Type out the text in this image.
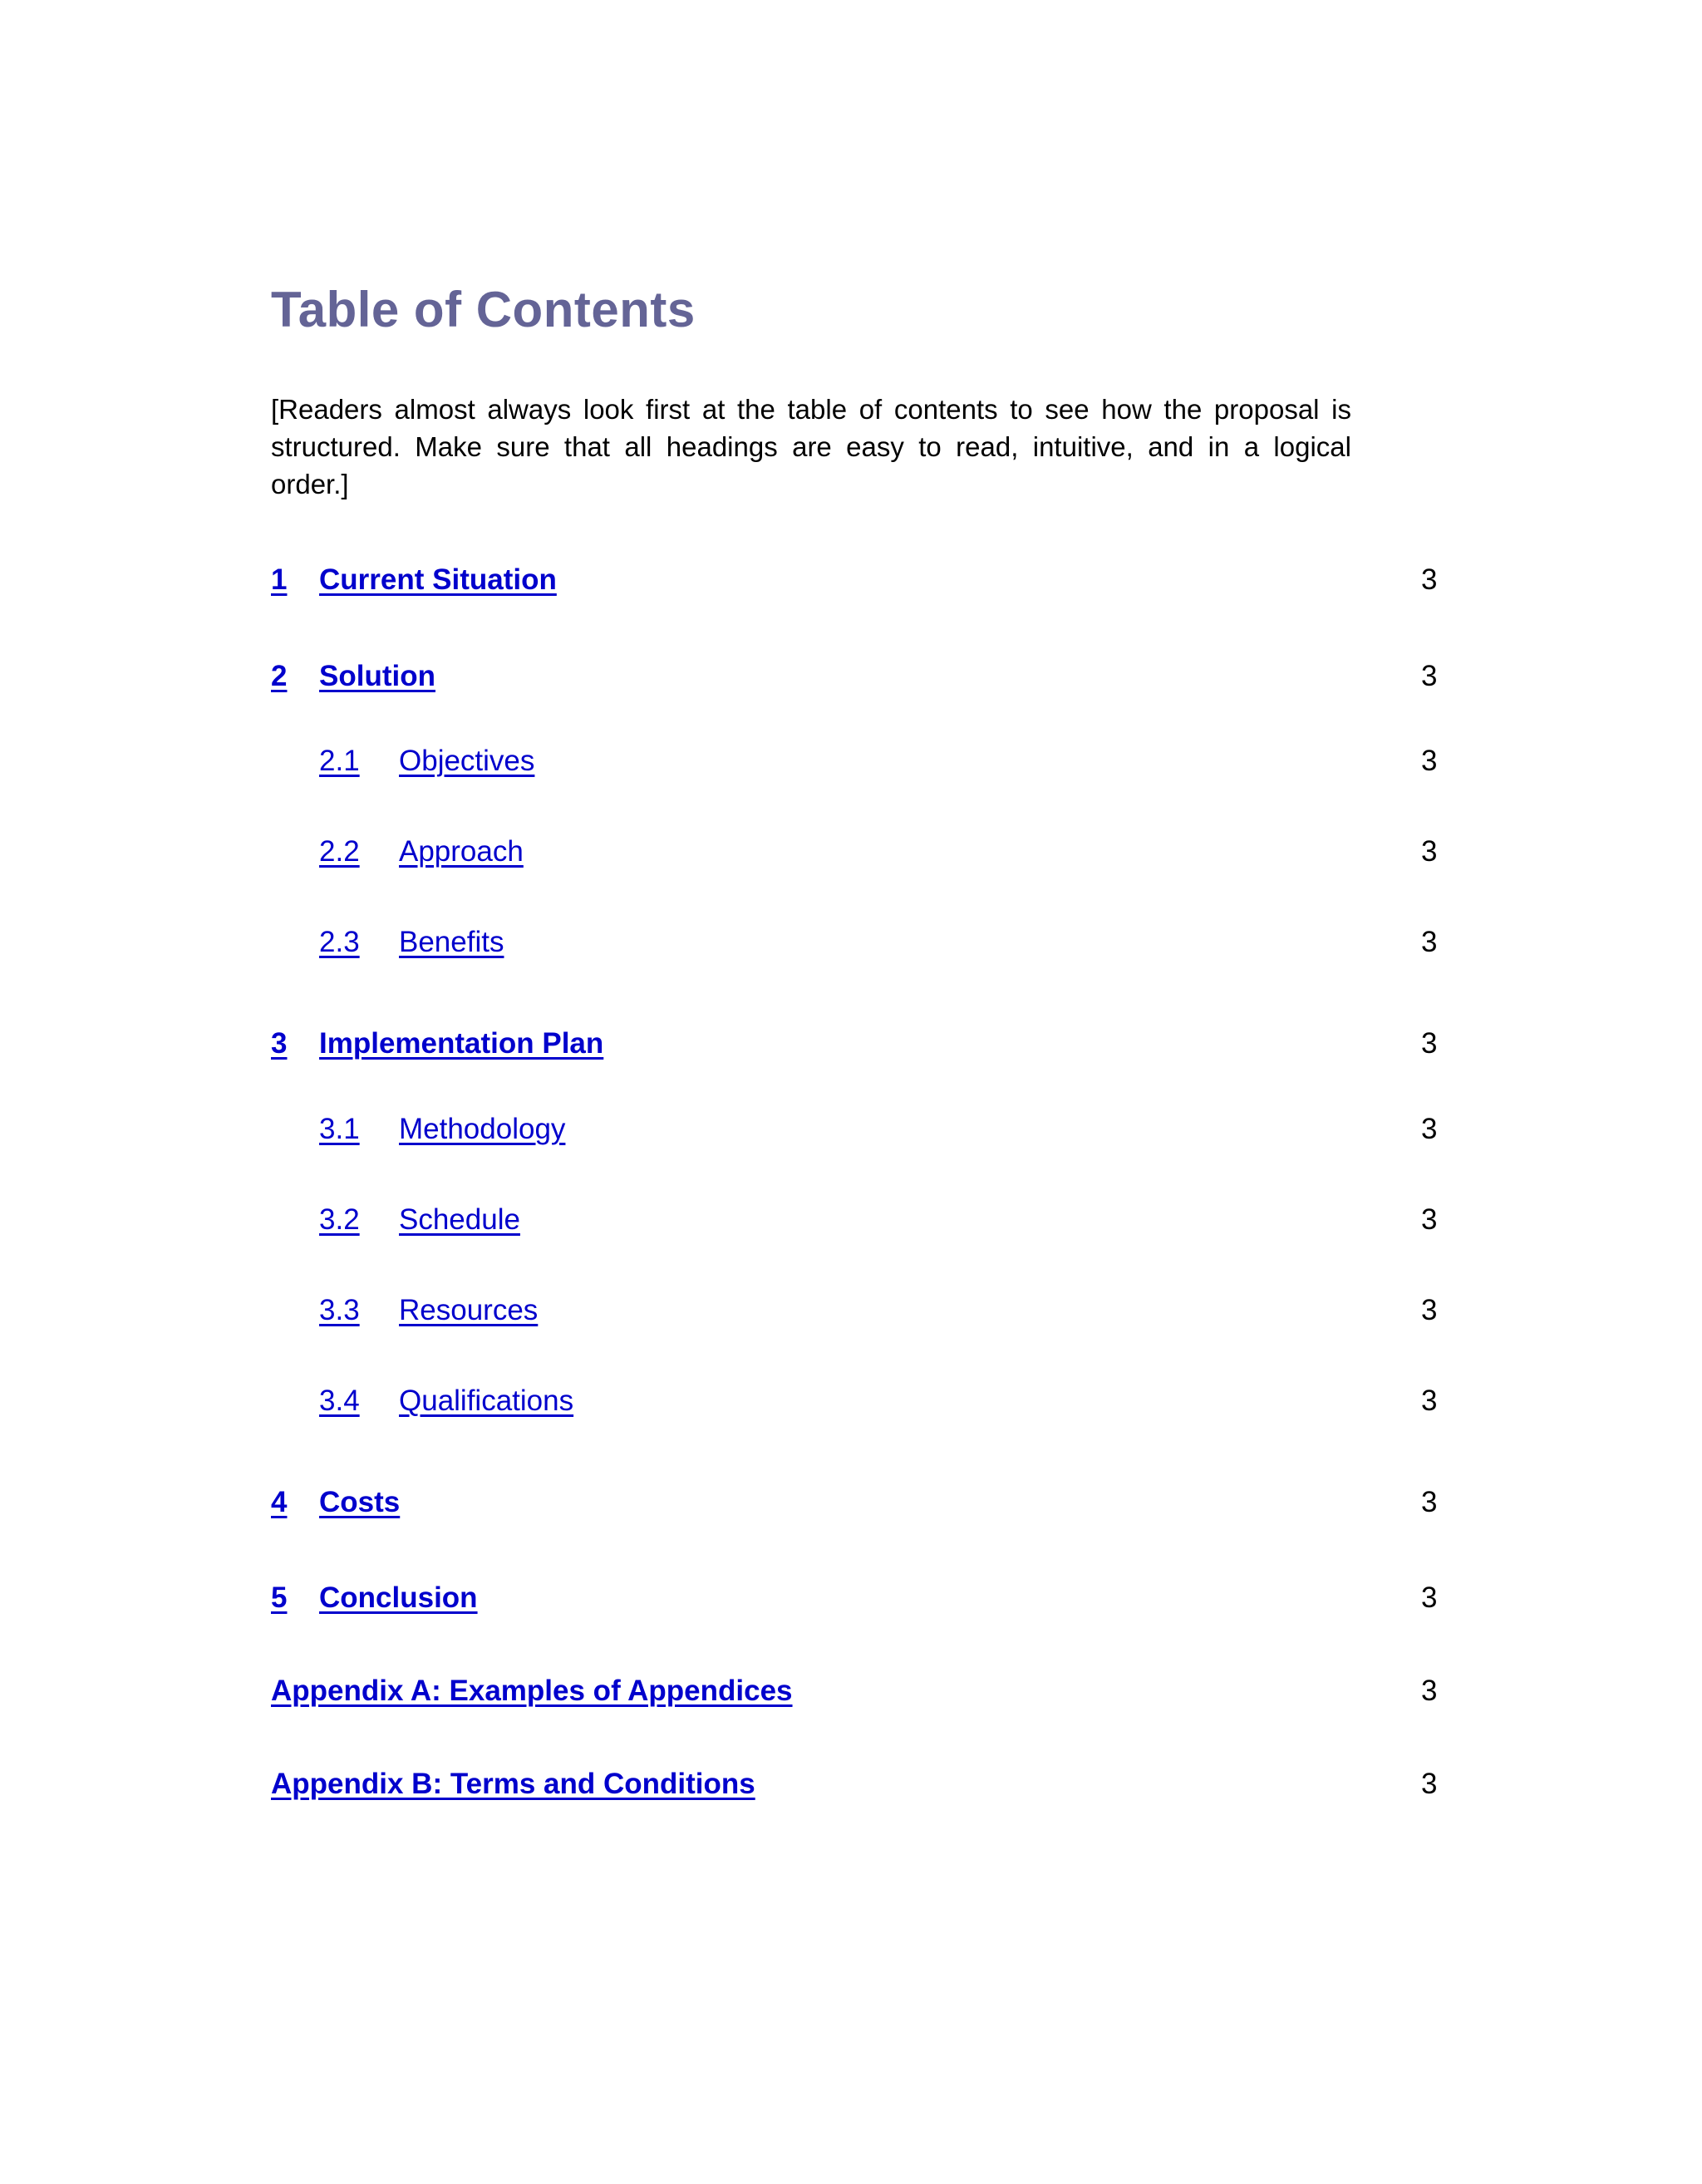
Table of Contents

[Readers almost always look first at the table of contents to see how the proposal is structured. Make sure that all headings are easy to read, intuitive, and in a logical order.]

1 Current Situation	3
2 Solution	3
2.1 Objectives	3
2.2 Approach	3
2.3 Benefits	3
3 Implementation Plan	3
3.1 Methodology	3
3.2 Schedule	3
3.3 Resources	3
3.4 Qualifications	3
4 Costs	3
5 Conclusion	3
Appendix A: Examples of Appendices	3
Appendix B: Terms and Conditions	3
